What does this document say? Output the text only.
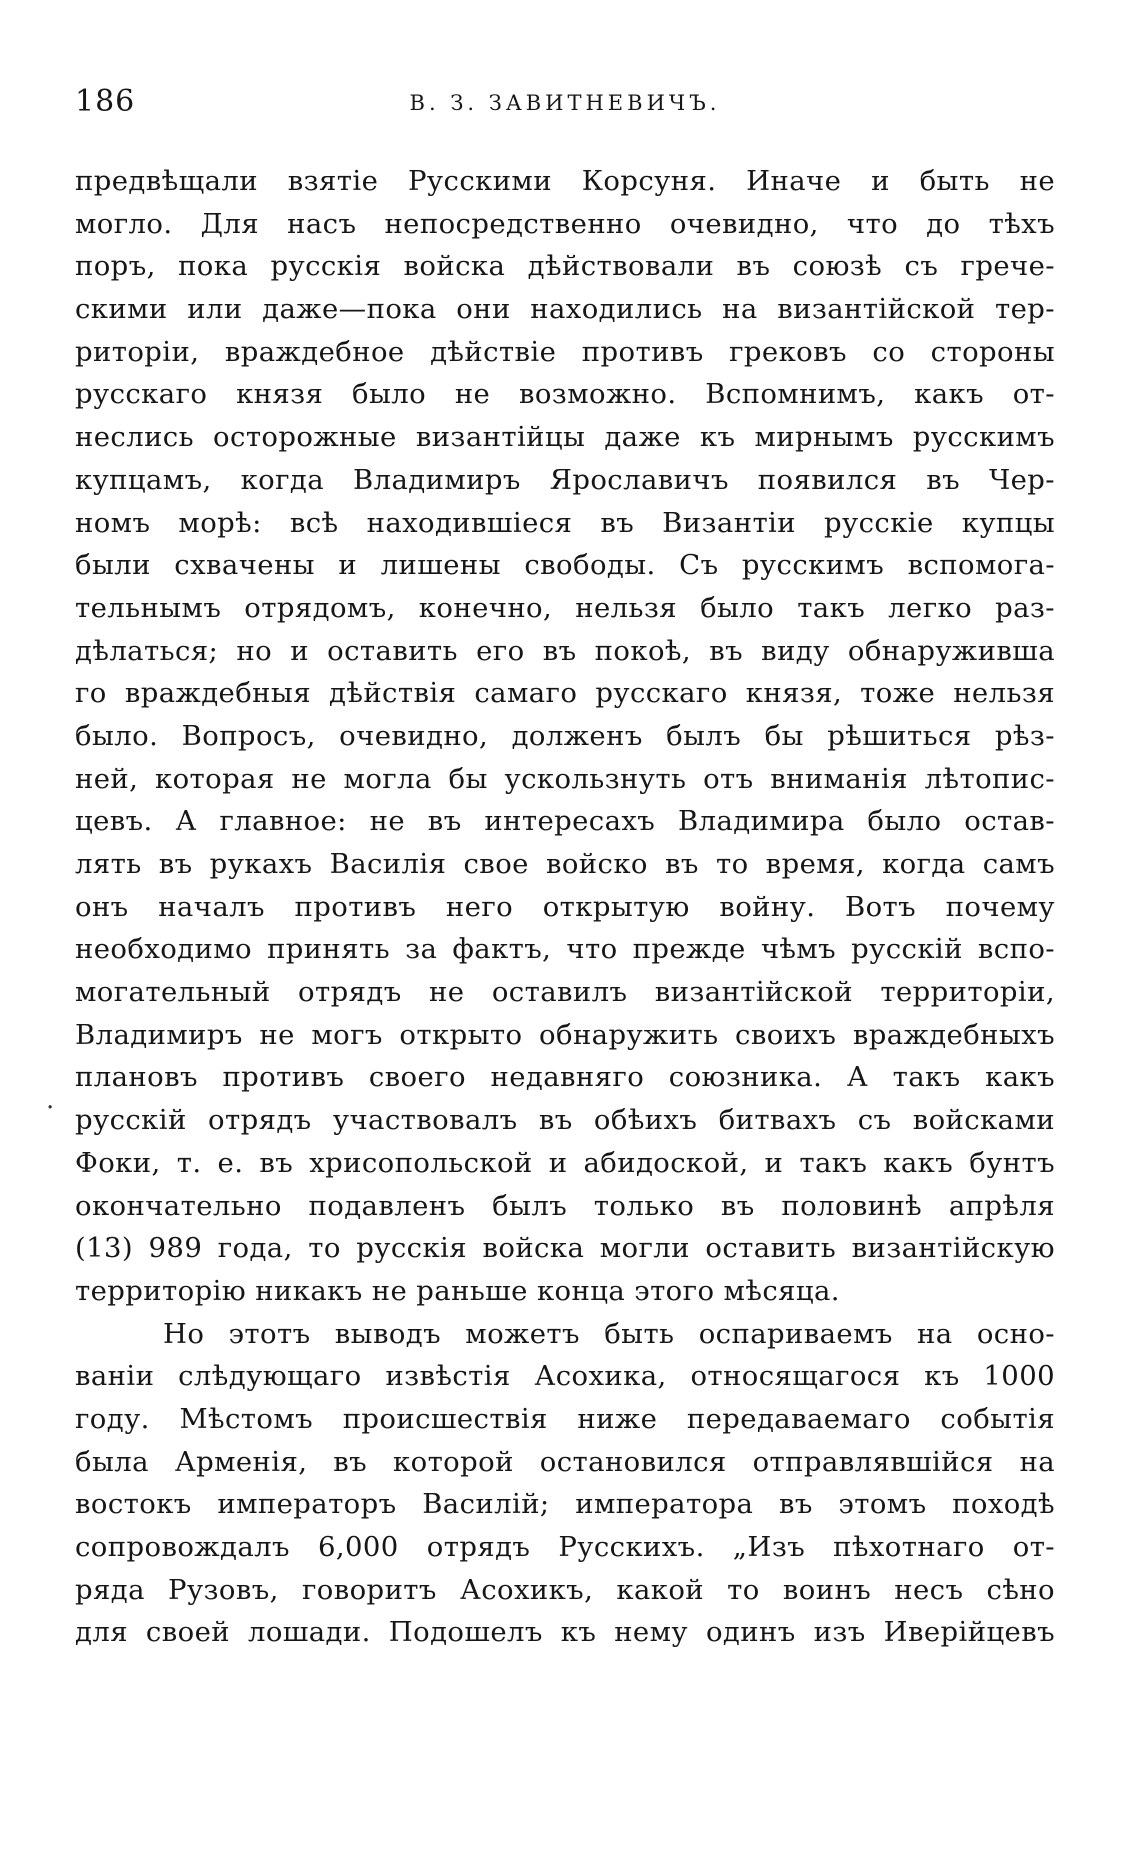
186	В. З. ЗАВИТНЕВИЧЪ.
.
предвѣщали взятіе Русскими Корсуня. Иначе и быть не
могло. Для насъ непосредственно очевидно, что до тѣхъ
поръ, пока русскія войска дѣйствовали въ союзѣ съ грече-
скими или даже—пока они находились на византійской тер-
риторіи, враждебное дѣйствіе противъ грековъ со стороны
русскаго князя было не возможно. Вспомнимъ, какъ от-
неслись осторожные византійцы даже къ мирнымъ русскимъ
купцамъ, когда Владимиръ Ярославичъ появился въ Чер-
номъ морѣ: всѣ находившіеся въ Византіи русскіе купцы
были схвачены и лишены свободы. Съ русскимъ вспомога-
тельнымъ отрядомъ, конечно, нельзя было такъ легко раз-
дѣлаться; но и оставить его въ покоѣ, въ виду обнаружившa
го враждебныя дѣйствія самаго русскаго князя, тоже нельзя
было. Вопросъ, очевидно, долженъ былъ бы рѣшиться рѣз-
ней, которая не могла бы ускользнуть отъ вниманія лѣтопис-
цевъ. А главное: не въ интересахъ Владимира было остав-
лять въ рукахъ Василія свое войско въ то время, когда самъ
онъ началъ противъ него открытую войну. Вотъ почему
необходимо принять за фактъ, что прежде чѣмъ русскій вспо-
могательный отрядъ не оставилъ византійской территоріи,
Владимиръ не могъ открыто обнаружить своихъ враждебныхъ
плановъ противъ своего недавняго союзника. А такъ какъ
русскій отрядъ участвовалъ въ обѣихъ битвахъ съ войсками
Фоки, т. е. въ хрисопольской и абидоской, и такъ какъ бунтъ
окончательно подавленъ былъ только въ половинѣ апрѣля
(13) 989 года, то русскія войска могли оставить византійскую
территорію никакъ не раньше конца этого мѣсяца.
Но этотъ выводъ можетъ быть оспариваемъ на осно-
ваніи слѣдующаго извѣстія Асохика, относящагося къ 1000
году. Мѣстомъ происшествія ниже передаваемаго событія
была Арменія, въ которой остановился отправлявшійся на
востокъ императоръ Василій; императора въ этомъ походѣ
сопровождалъ 6,000 отрядъ Русскихъ. „Изъ пѣхотнаго от-
ряда Рузовъ, говоритъ Асохикъ, какой то воинъ несъ сѣно
для своей лошади. Подошелъ къ нему одинъ изъ Иверійцевъ
